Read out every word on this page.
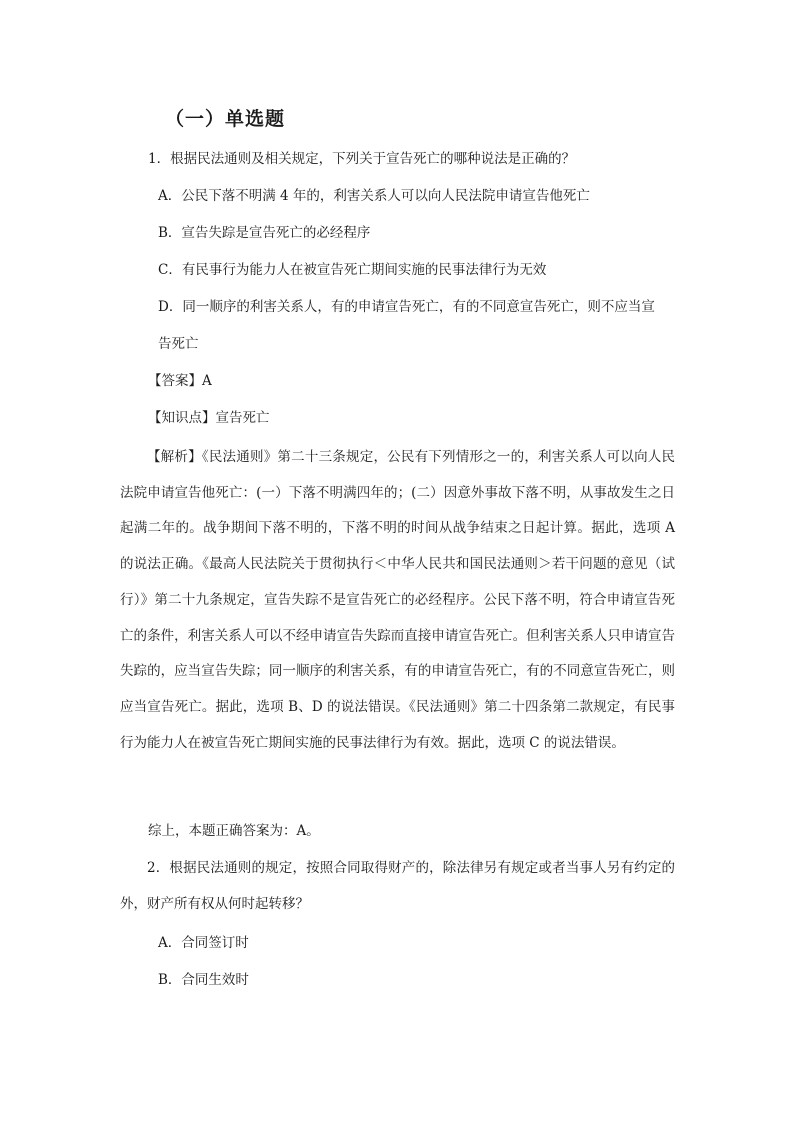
（一）单选题

1．根据民法通则及相关规定，下列关于宣告死亡的哪种说法是正确的？

A．公民下落不明满 4 年的，利害关系人可以向人民法院申请宣告他死亡

B．宣告失踪是宣告死亡的必经程序

C．有民事行为能力人在被宣告死亡期间实施的民事法律行为无效

D．同一顺序的利害关系人，有的申请宣告死亡，有的不同意宣告死亡，则不应当宣

告死亡

【答案】A

【知识点】宣告死亡

【解析】《民法通则》第二十三条规定，公民有下列情形之一的，利害关系人可以向人民法院申请宣告他死亡：(一）下落不明满四年的；(二）因意外事故下落不明，从事故发生之日起满二年的。战争期间下落不明的，下落不明的时间从战争结束之日起计算。据此，选项 A 的说法正确。《最高人民法院关于贯彻执行＜中华人民共和国民法通则＞若干问题的意见（试行）》第二十九条规定，宣告失踪不是宣告死亡的必经程序。公民下落不明，符合申请宣告死亡的条件，利害关系人可以不经申请宣告失踪而直接申请宣告死亡。但利害关系人只申请宣告失踪的，应当宣告失踪；同一顺序的利害关系，有的申请宣告死亡，有的不同意宣告死亡，则应当宣告死亡。据此，选项 B、D 的说法错误。《民法通则》第二十四条第二款规定，有民事行为能力人在被宣告死亡期间实施的民事法律行为有效。据此，选项 C 的说法错误。

综上，本题正确答案为：A。

2．根据民法通则的规定，按照合同取得财产的，除法律另有规定或者当事人另有约定的外，财产所有权从何时起转移？

A．合同签订时

B．合同生效时
